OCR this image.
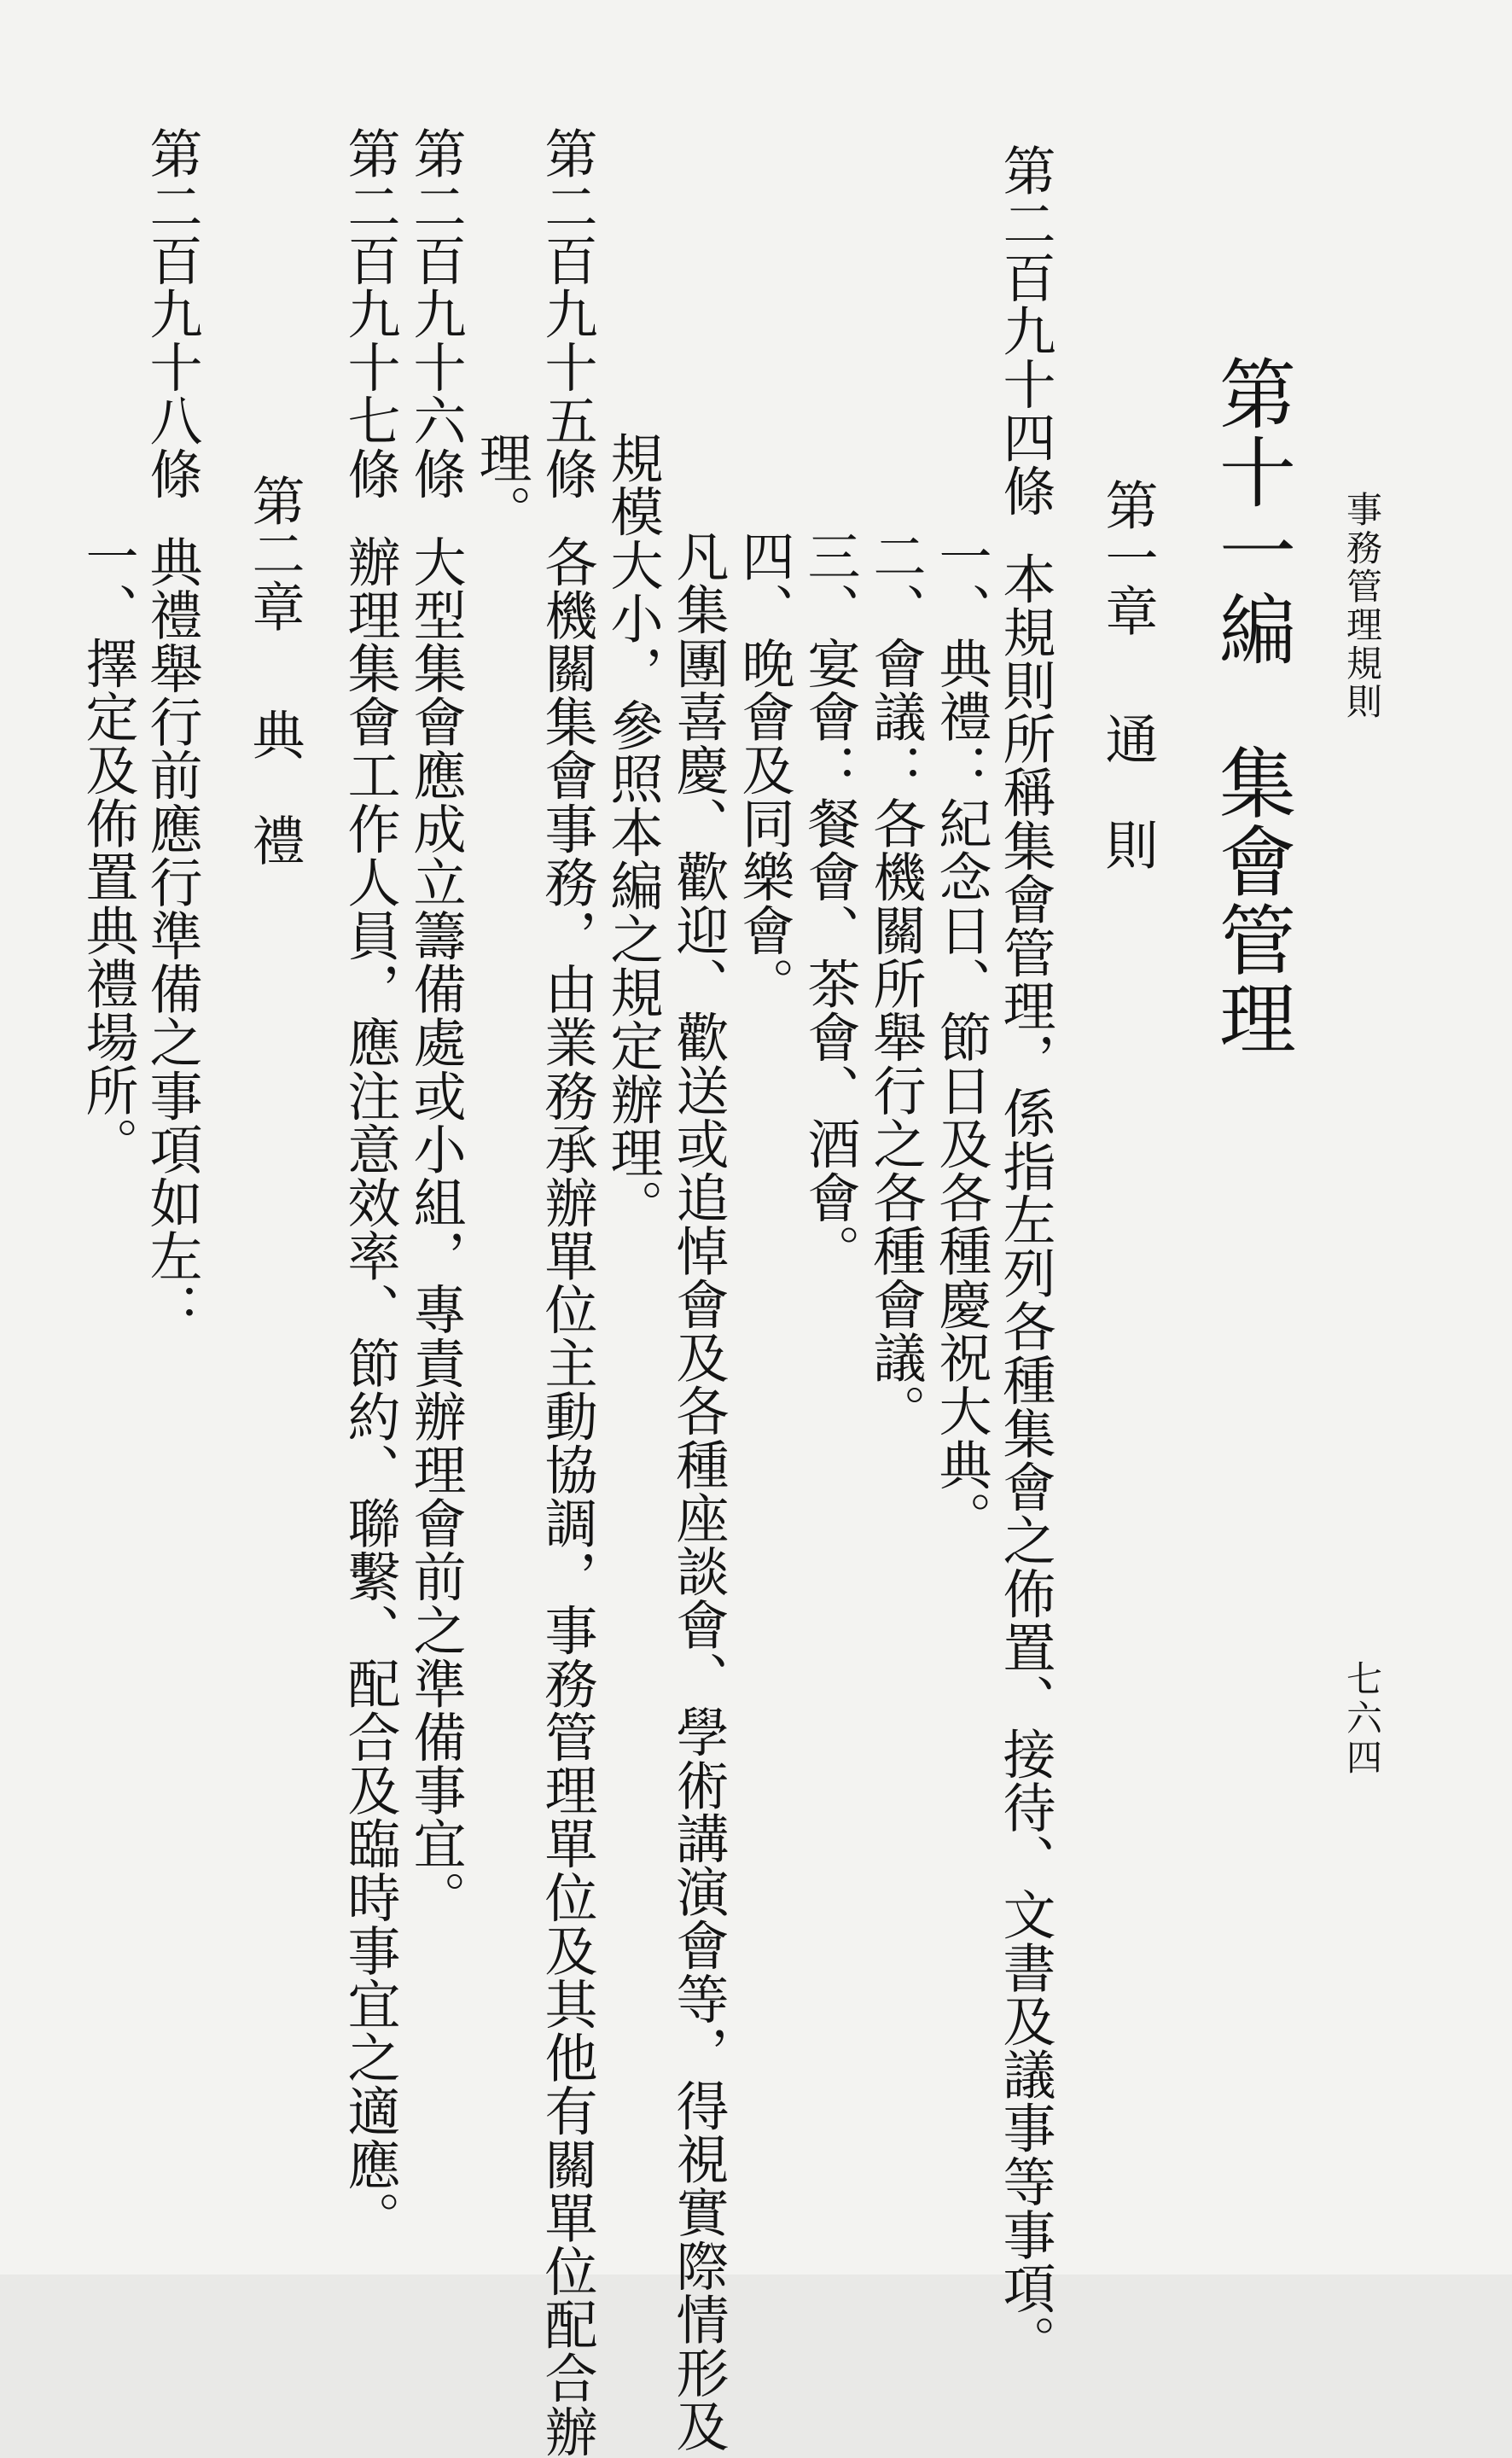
事務管理規則
七六四
第十一編集會管理
第一章通　則
第二百九十四條本規則所稱集會管理，係指左列各種集會之佈置、接待、文書及議事等事項。
一、典禮：紀念日、節日及各種慶祝大典。
二、會議：各機關所舉行之各種會議。
三、宴會：餐會、茶會、酒會。
四、晚會及同樂會。
凡集團喜慶、歡迎、歡送或追悼會及各種座談會、學術講演會等，得視實際情形及
規模大小，參照本編之規定辦理。
第二百九十五條各機關集會事務，由業務承辦單位主動協調，事務管理單位及其他有關單位配合辦
理。
第二百九十六條大型集會應成立籌備處或小組，專責辦理會前之準備事宜。
第二百九十七條辦理集會工作人員，應注意效率、節約、聯繫、配合及臨時事宜之適應。
第二章典　禮
第二百九十八條典禮舉行前應行準備之事項如左：
一、擇定及佈置典禮場所。
